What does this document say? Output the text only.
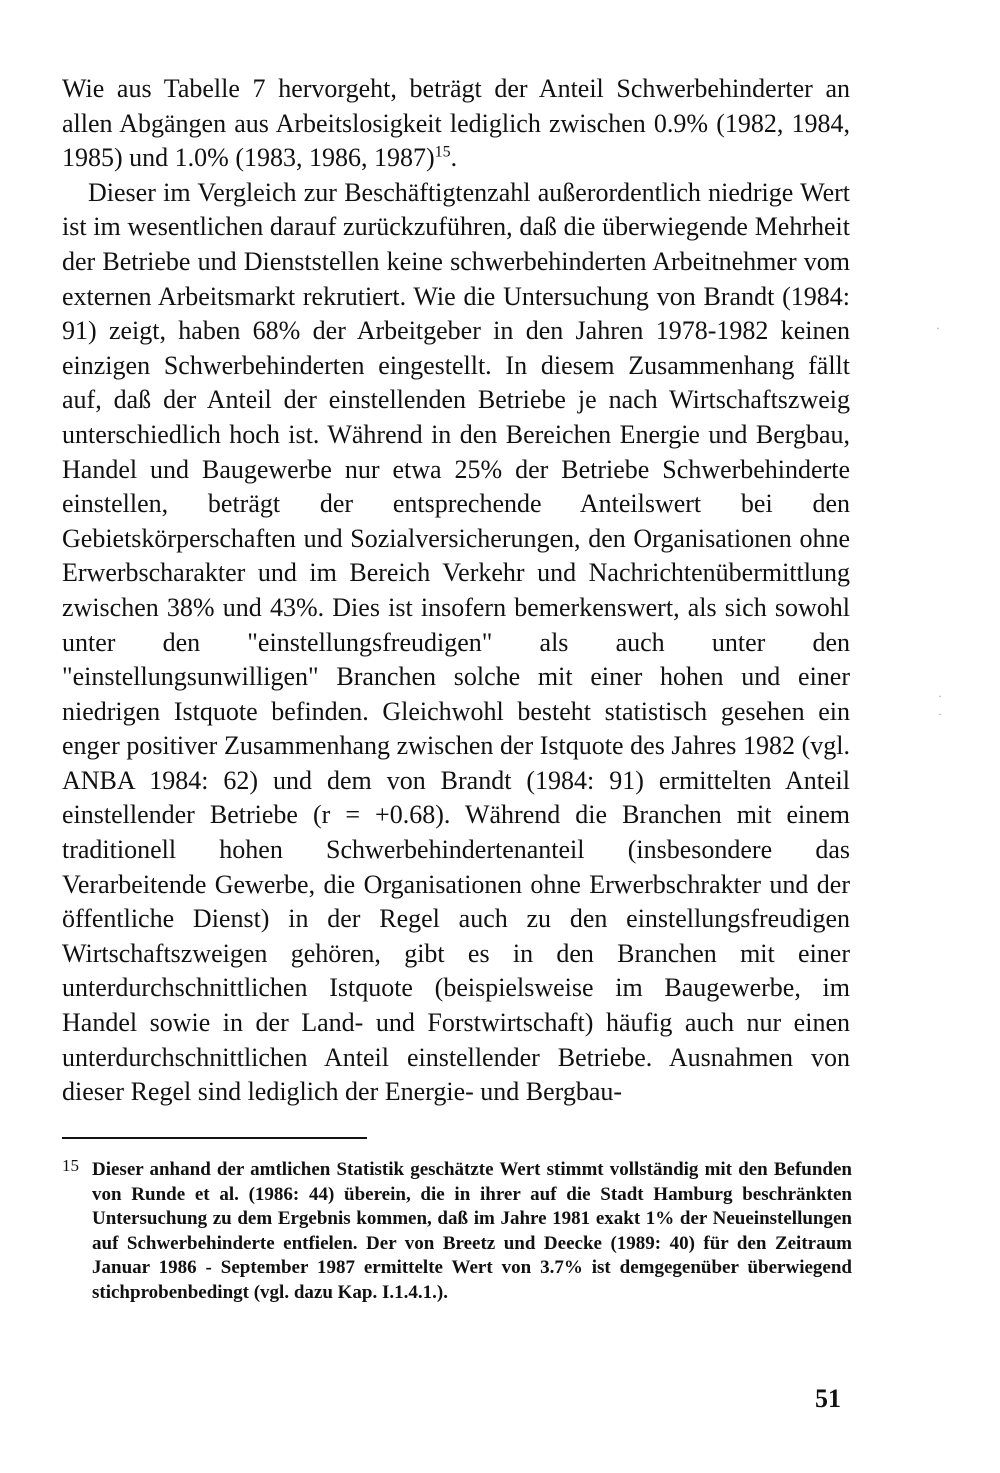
Wie aus Tabelle 7 hervorgeht, beträgt der Anteil Schwerbehinderter an allen Abgängen aus Arbeitslosigkeit lediglich zwischen 0.9% (1982, 1984, 1985) und 1.0% (1983, 1986, 1987)$^{15}$.

Dieser im Vergleich zur Beschäftigtenzahl außerordentlich niedrige Wert ist im wesentlichen darauf zurückzuführen, daß die überwiegende Mehrheit der Betriebe und Dienststellen keine schwerbehinderten Arbeitnehmer vom externen Arbeitsmarkt rekrutiert. Wie die Untersuchung von Brandt (1984: 91) zeigt, haben 68% der Arbeitgeber in den Jahren 1978-1982 keinen einzigen Schwerbehinderten eingestellt. In diesem Zusammenhang fällt auf, daß der Anteil der einstellenden Betriebe je nach Wirtschaftszweig unterschiedlich hoch ist. Während in den Bereichen Energie und Bergbau, Handel und Baugewerbe nur etwa 25% der Betriebe Schwerbehinderte einstellen, beträgt der entsprechende Anteilswert bei den Gebietskörperschaften und Sozialversicherungen, den Organisationen ohne Erwerbscharakter und im Bereich Verkehr und Nachrichtenübermittlung zwischen 38% und 43%. Dies ist insofern bemerkenswert, als sich sowohl unter den "einstellungsfreudigen" als auch unter den "einstellungsunwilligen" Branchen solche mit einer hohen und einer niedrigen Istquote befinden. Gleichwohl besteht statistisch gesehen ein enger positiver Zusammenhang zwischen der Istquote des Jahres 1982 (vgl. ANBA 1984: 62) und dem von Brandt (1984: 91) ermittelten Anteil einstellender Betriebe (r = +0.68). Während die Branchen mit einem traditionell hohen Schwerbehindertenanteil (insbesondere das Verarbeitende Gewerbe, die Organisationen ohne Erwerbschrakter und der öffentliche Dienst) in der Regel auch zu den einstellungsfreudigen Wirtschaftszweigen gehören, gibt es in den Branchen mit einer unterdurchschnittlichen Istquote (beispielsweise im Baugewerbe, im Handel sowie in der Land- und Forstwirtschaft) häufig auch nur einen unterdurchschnittlichen Anteil einstellender Betriebe. Ausnahmen von dieser Regel sind lediglich der Energie- und Bergbau-

15 Dieser anhand der amtlichen Statistik geschätzte Wert stimmt vollständig mit den Befunden von Runde et al. (1986: 44) überein, die in ihrer auf die Stadt Hamburg beschränkten Untersuchung zu dem Ergebnis kommen, daß im Jahre 1981 exakt 1% der Neueinstellungen auf Schwerbehinderte entfielen. Der von Breetz und Deecke (1989: 40) für den Zeitraum Januar 1986 - September 1987 ermittelte Wert von 3.7% ist demgegenüber überwiegend stichprobenbedingt (vgl. dazu Kap. I.1.4.1.).
51
·
·
·
